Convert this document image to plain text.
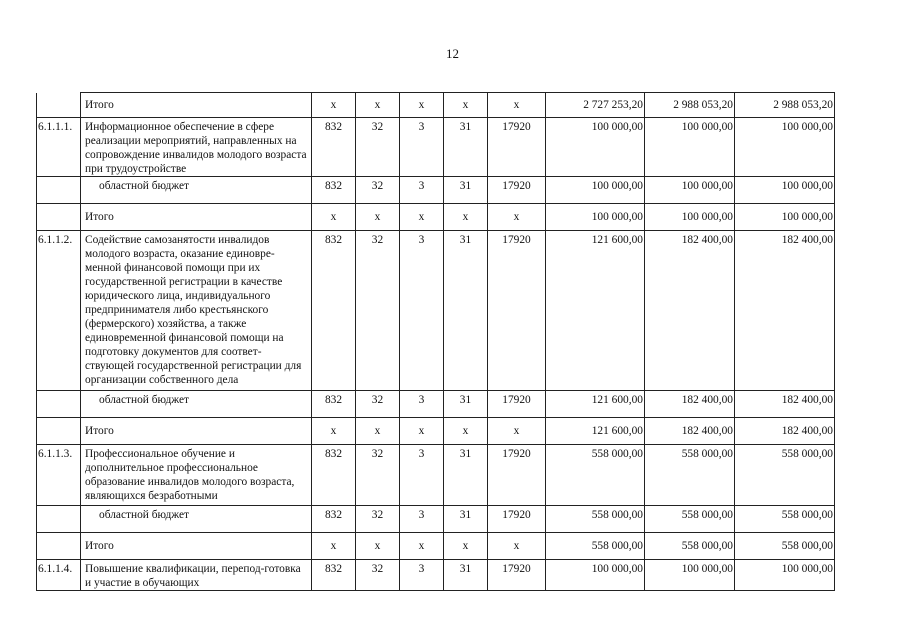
12
	Итого	х	х	х	х	х	2 727 253,20	2 988 053,20	2 988 053,20
6.1.1.1.	Информационное обеспечение в сфере реализации мероприятий, направленных на сопровождение инвалидов молодого возраста при трудоустройстве	832	32	3	31	17920	100 000,00	100 000,00	100 000,00
	областной бюджет	832	32	3	31	17920	100 000,00	100 000,00	100 000,00
	Итого	х	х	х	х	х	100 000,00	100 000,00	100 000,00
6.1.1.2.	Содействие самозанятости инвалидов молодого возраста, оказание единовре-менной финансовой помощи при их государственной регистрации в качестве юридического лица, индивидуального предпринимателя либо крестьянского (фермерского) хозяйства, а также единовременной финансовой помощи на подготовку документов для соответ-ствующей государственной регистрации для организации собственного дела	832	32	3	31	17920	121 600,00	182 400,00	182 400,00
	областной бюджет	832	32	3	31	17920	121 600,00	182 400,00	182 400,00
	Итого	х	х	х	х	х	121 600,00	182 400,00	182 400,00
6.1.1.3.	Профессиональное обучение и дополнительное профессиональное образование инвалидов молодого возраста, являющихся безработными	832	32	3	31	17920	558 000,00	558 000,00	558 000,00
	областной бюджет	832	32	3	31	17920	558 000,00	558 000,00	558 000,00
	Итого	х	х	х	х	х	558 000,00	558 000,00	558 000,00
6.1.1.4.	Повышение квалификации, перепод-готовка и участие в обучающих	832	32	3	31	17920	100 000,00	100 000,00	100 000,00
